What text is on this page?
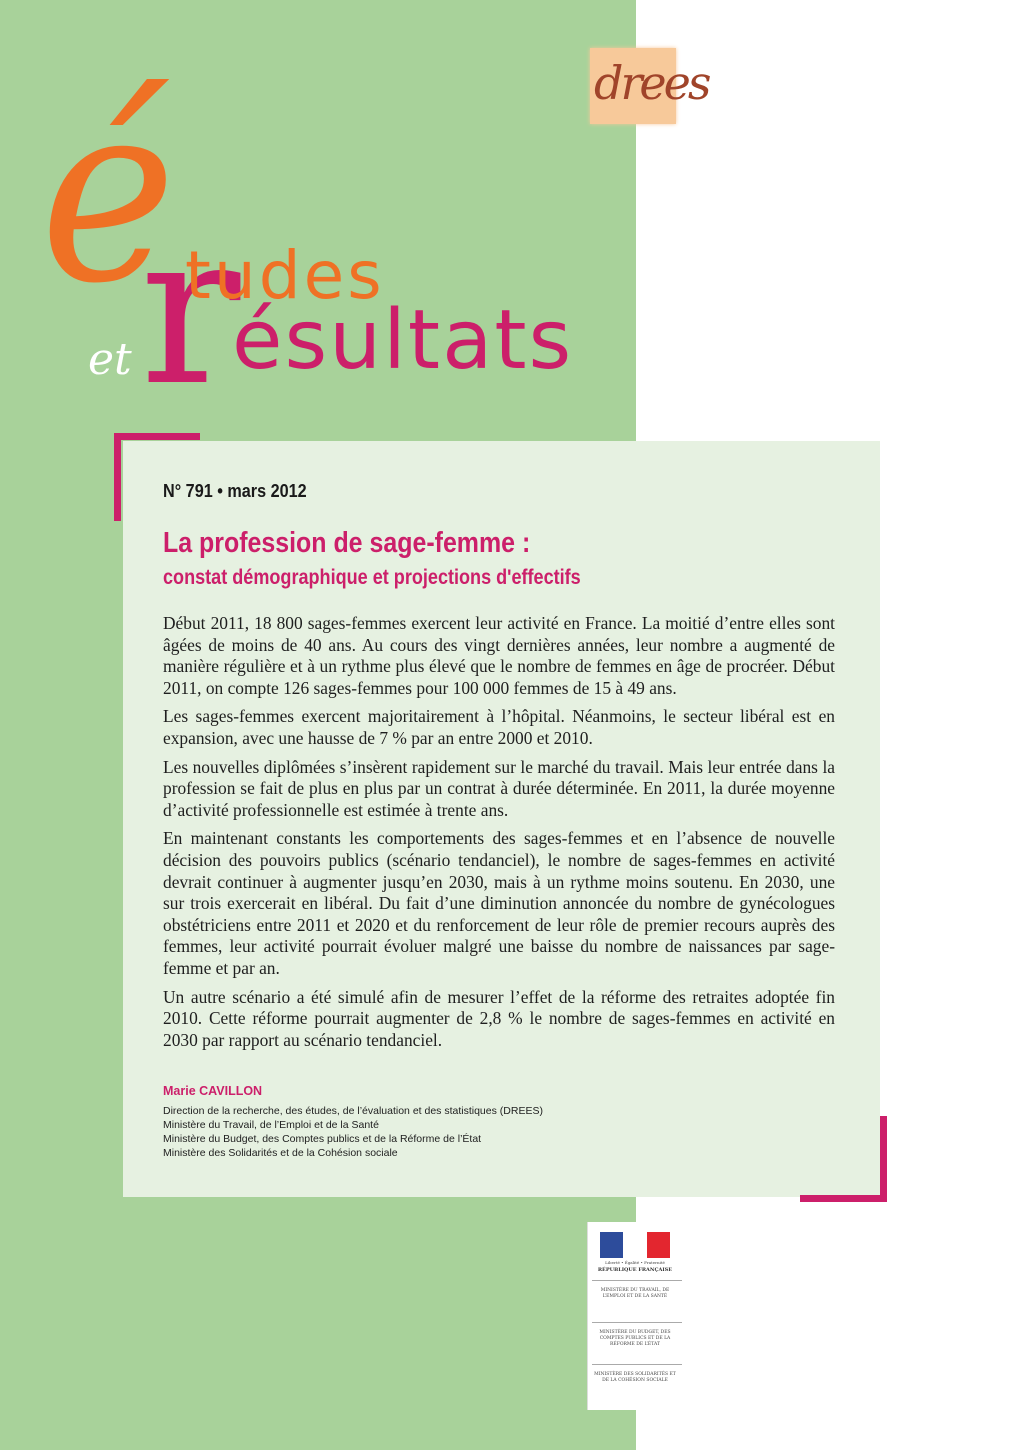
é
r
tudes
ésultats
et
drees
N° 791 • mars 2012
La profession de sage-femme :
constat démographique et projections d'effectifs

Début 2011, 18 800 sages-femmes exercent leur activité en France. La moitié d’entre elles sont âgées de moins de 40 ans. Au cours des vingt dernières années, leur nombre a augmenté de manière régulière et à un rythme plus élevé que le nombre de femmes en âge de procréer. Début 2011, on compte 126 sages-femmes pour 100 000 femmes de 15 à 49 ans.

Les sages-femmes exercent majoritairement à l’hôpital. Néanmoins, le secteur libéral est en expansion, avec une hausse de 7 % par an entre 2000 et 2010.

Les nouvelles diplômées s’insèrent rapidement sur le marché du travail. Mais leur entrée dans la profession se fait de plus en plus par un contrat à durée déterminée. En 2011, la durée moyenne d’activité professionnelle est estimée à trente ans.

En maintenant constants les comportements des sages-femmes et en l’absence de nouvelle décision des pouvoirs publics (scénario tendanciel), le nombre de sages-femmes en activité devrait continuer à augmenter jusqu’en 2030, mais à un rythme moins soutenu. En 2030, une sur trois exercerait en libéral. Du fait d’une diminution annoncée du nombre de gynécologues obstétriciens entre 2011 et 2020 et du renforcement de leur rôle de premier recours auprès des femmes, leur activité pourrait évoluer malgré une baisse du nombre de naissances par sage-femme et par an.

Un autre scénario a été simulé afin de mesurer l’effet de la réforme des retraites adoptée fin 2010. Cette réforme pourrait augmenter de 2,8 % le nombre de sages-femmes en activité en 2030 par rapport au scénario tendanciel.

Marie CAVILLON
Direction de la recherche, des études, de l’évaluation et des statistiques (DREES)
Ministère du Travail, de l’Emploi et de la Santé
Ministère du Budget, des Comptes publics et de la Réforme de l’État
Ministère des Solidarités et de la Cohésion sociale
Liberté • Égalité • Fraternité
RÉPUBLIQUE FRANÇAISE
MINISTÈRE DU TRAVAIL, DE L’EMPLOI ET DE LA SANTÉ
MINISTÈRE DU BUDGET, DES COMPTES PUBLICS ET DE LA RÉFORME DE L’ÉTAT
MINISTÈRE DES SOLIDARITÉS ET DE LA COHÉSION SOCIALE
